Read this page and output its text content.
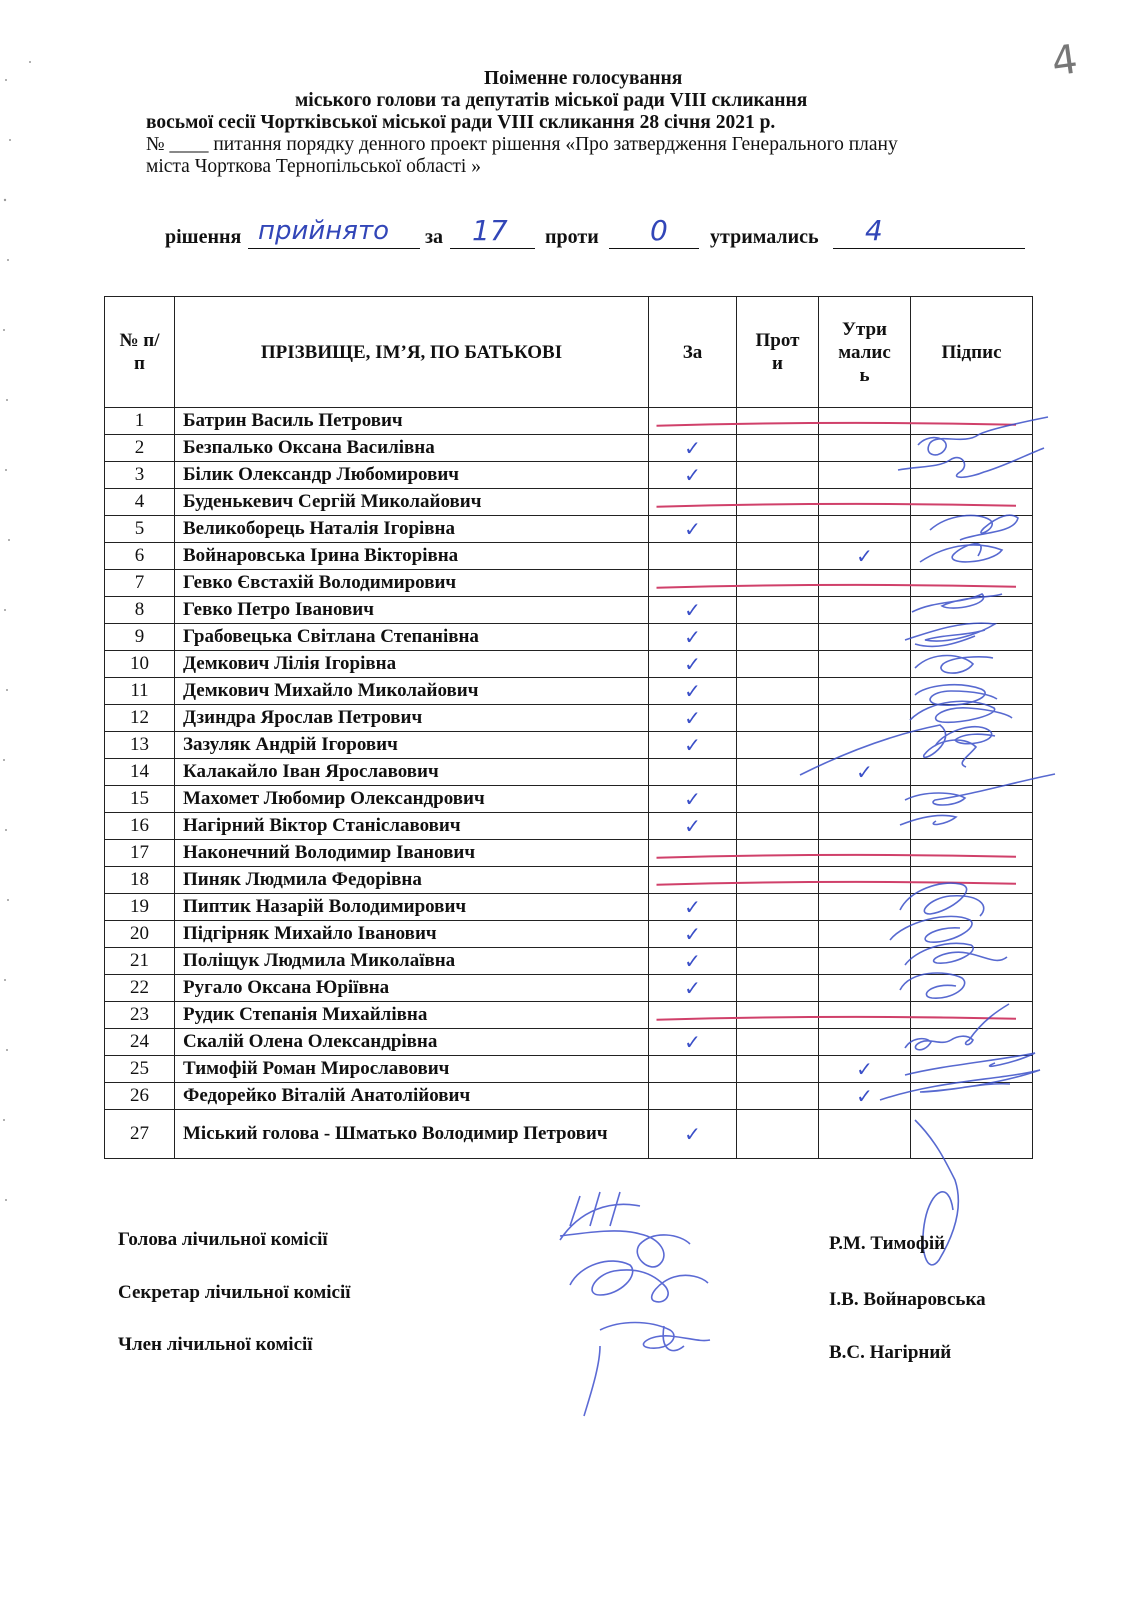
4
Поіменне голосування
міського голови та депутатів міської ради VIII скликання
восьмої сесії Чортківської міської ради VIII скликання 28 січня 2021 р.
№ ____ питання порядку денного проект рішення «Про затвердження Генерального плану
міста Чорткова Тернопільської області »
рішення прийнято за 17 проти 0 утримались 4
№ п/п	ПРІЗВИЩЕ, ІМ’Я, ПО БАТЬКОВІ	За	Прот и	Утри малис ь	Підпис
1	Батрин Василь Петрович				
2	Безпалько Оксана Василівна	✓			

3	Білик Олександр Любомирович	✓			

4	Буденькевич Сергій Миколайович				
5	Великоборець Наталія Ігорівна	✓			

6	Войнаровська Ірина Вікторівна			✓	

7	Гевко Євстахій Володимирович				
8	Гевко Петро Іванович	✓			

9	Грабовецька Світлана Степанівна	✓			

10	Демкович Лілія Ігорівна	✓			

11	Демкович Михайло Миколайович	✓			

12	Дзиндра Ярослав Петрович	✓			

13	Зазуляк Андрій Ігорович	✓			

14	Калакайло Іван Ярославович			✓	

15	Махомет Любомир Олександрович	✓			

16	Нагірний Віктор Станіславович	✓			

17	Наконечний Володимир Іванович				
18	Пиняк Людмила Федорівна				
19	Пиптик Назарій Володимирович	✓			

20	Підгірняк Михайло Іванович	✓			

21	Поліщук Людмила Миколаївна	✓			

22	Ругало Оксана Юріївна	✓			

23	Рудик Степанія Михайлівна				
24	Скалій Олена Олександрівна	✓			

25	Тимофій Роман Мирославович			✓	

26	Федорейко Віталій Анатолійович			✓	

27	Міський голова - Шматько Володимир Петрович	✓			

Голова лічильної комісії	Р.М. Тимофій
Секретар лічильної комісії	І.В. Войнаровська
Член лічильної комісії	В.С. Нагірний
